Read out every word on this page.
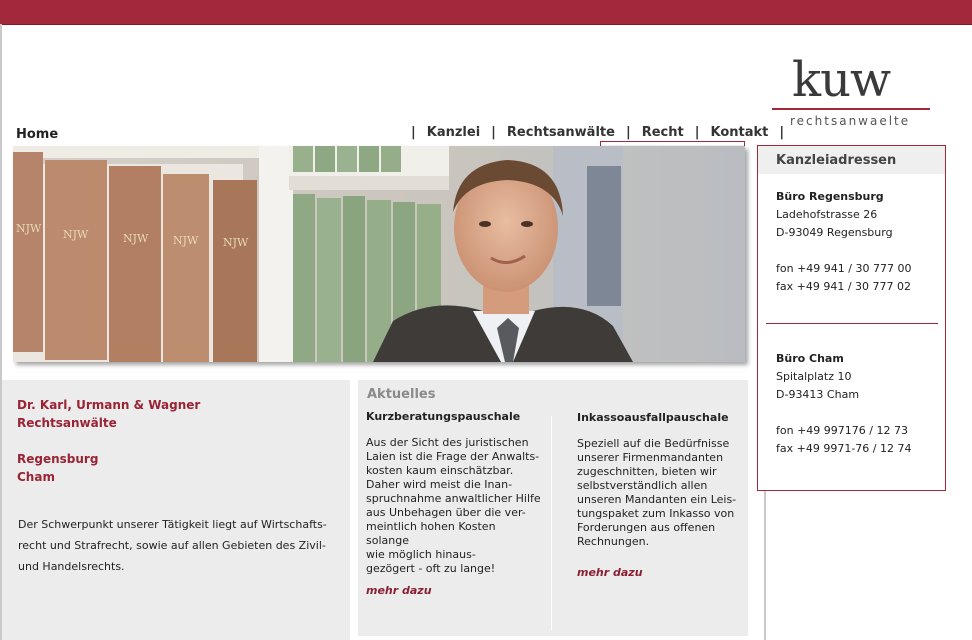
kuw
rechtsanwaelte
Home	| Kanzlei | Rechtsanwälte | Recht | Kontakt |
NJW NJW	NJW NJW NJW
Kanzleiadressen
Büro Regensburg
Ladehofstrasse 26
D-93049 Regensburg
fon +49 941 / 30 777 00
fax +49 941 / 30 777 02
Büro Cham
Spitalplatz 10
D-93413 Cham
fon +49 997176 / 12 73
fax +49 9971-76 / 12 74
Dr. Karl, Urmann & Wagner
Rechtsanwälte
Regensburg
Cham
Der Schwerpunkt unserer Tätigkeit liegt auf Wirtschafts-
recht und Strafrecht, sowie auf allen Gebieten des Zivil-
und Handelsrechts.
Aktuelles
Kurzberatungspauschale
Aus der Sicht des juristischen
Laien ist die Frage der Anwalts-
kosten kaum einschätzbar.
Daher wird meist die Inan-
spruchnahme anwaltlicher Hilfe
aus Unbehagen über die ver-
meintlich hohen Kosten solange
wie möglich hinaus-
gezögert - oft zu lange!
mehr dazu
Inkassoausfallpauschale
Speziell auf die Bedürfnisse
unserer Firmenmandanten
zugeschnitten, bieten wir
selbstverständlich allen
unseren Mandanten ein Leis-
tungspaket zum Inkasso von
Forderungen aus offenen
Rechnungen.
mehr dazu
